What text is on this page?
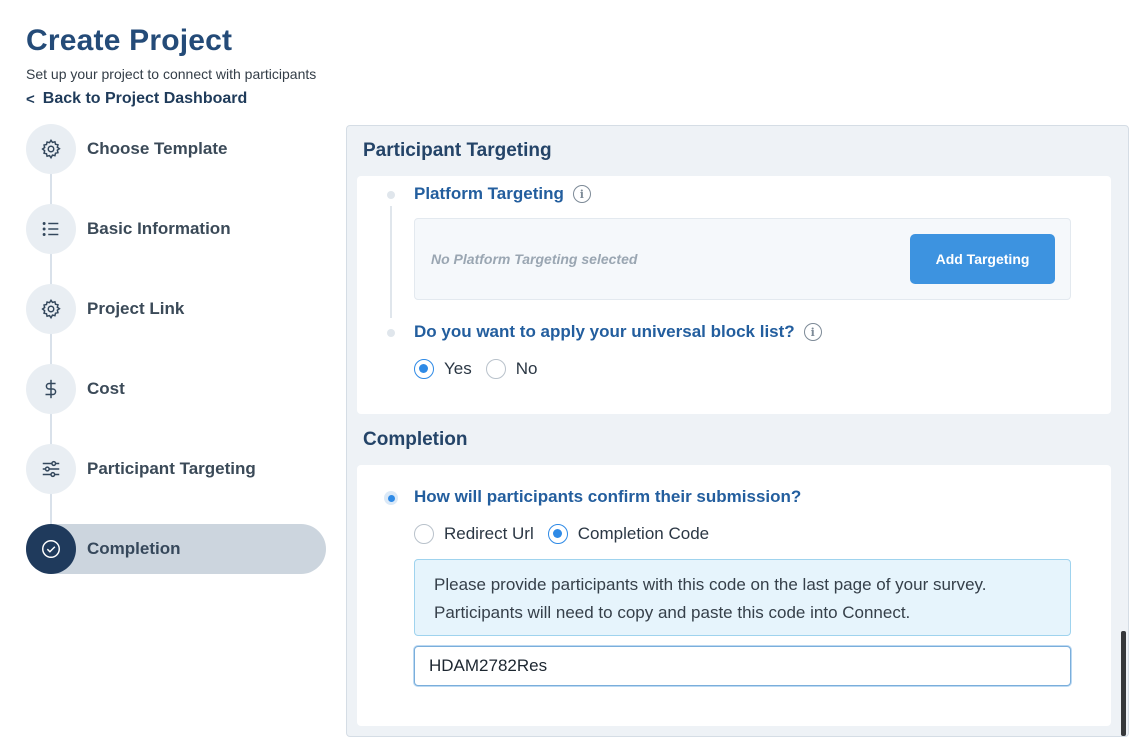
Create Project
Set up your project to connect with participants
< Back to Project Dashboard
Choose Template
Basic Information
Project Link
Cost
Participant Targeting
Completion
Participant Targeting
Platform Targeting	i
No Platform Targeting selected	Add Targeting
Do you want to apply your universal block list?	i
Yes	No
Completion
How will participants confirm their submission?
Redirect Url	Completion Code
Please provide participants with this code on the last page of your survey.
Participants will need to copy and paste this code into Connect.
HDAM2782Res
